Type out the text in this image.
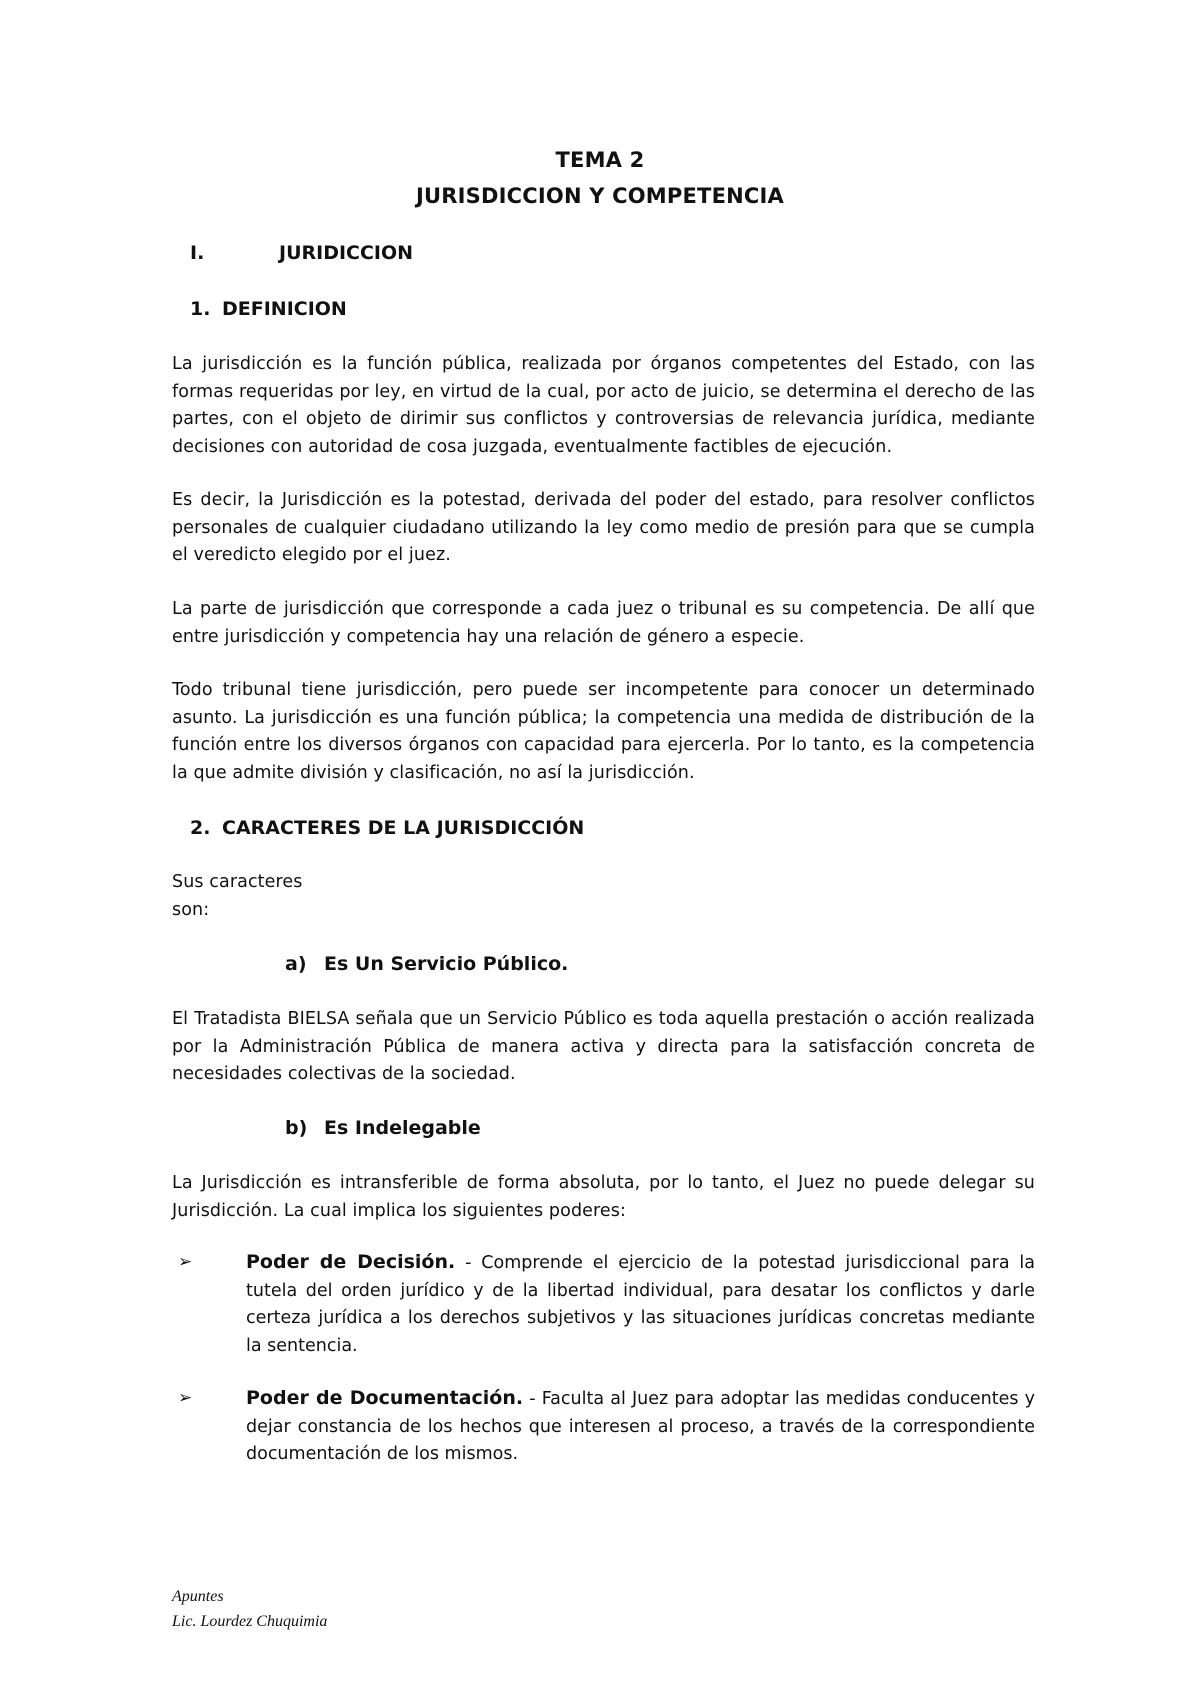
TEMA 2
JURISDICCION Y COMPETENCIA
I.	JURIDICCION
1. DEFINICION
La jurisdicción es la función pública, realizada por órganos competentes del Estado, con las formas requeridas por ley, en virtud de la cual, por acto de juicio, se determina el derecho de las partes, con el objeto de dirimir sus conflictos y controversias de relevancia jurídica, mediante decisiones con autoridad de cosa juzgada, eventualmente factibles de ejecución.
Es decir, la Jurisdicción es la potestad, derivada del poder del estado, para resolver conflictos personales de cualquier ciudadano utilizando la ley como medio de presión para que se cumpla el veredicto elegido por el juez.
La parte de jurisdicción que corresponde a cada juez o tribunal es su competencia. De allí que entre jurisdicción y competencia hay una relación de género a especie.
Todo tribunal tiene jurisdicción, pero puede ser incompetente para conocer un determinado asunto. La jurisdicción es una función pública; la competencia una medida de distribución de la función entre los diversos órganos con capacidad para ejercerla. Por lo tanto, es la competencia la que admite división y clasificación, no así la jurisdicción.
2. CARACTERES DE LA JURISDICCIÓN
Sus caracteres son:
a) Es Un Servicio Público.
El Tratadista BIELSA señala que un Servicio Público es toda aquella prestación o acción realizada por la Administración Pública de manera activa y directa para la satisfacción concreta de necesidades colectivas de la sociedad.
b) Es Indelegable
La Jurisdicción es intransferible de forma absoluta, por lo tanto, el Juez no puede delegar su Jurisdicción. La cual implica los siguientes poderes:
➢	Poder de Decisión. - Comprende el ejercicio de la potestad jurisdiccional para la tutela del orden jurídico y de la libertad individual, para desatar los conflictos y darle certeza jurídica a los derechos subjetivos y las situaciones jurídicas concretas mediante la sentencia.
➢	Poder de Documentación. - Faculta al Juez para adoptar las medidas conducentes y dejar constancia de los hechos que interesen al proceso, a través de la correspondiente documentación de los mismos.
Apuntes
Lic. Lourdez Chuquimia
